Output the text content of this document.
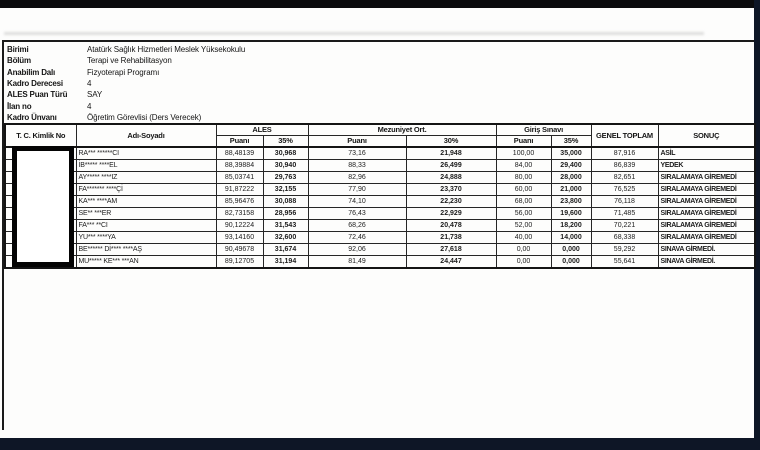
Birimi	Atatürk Sağlık Hizmetleri Meslek Yüksekokulu
Bölüm	Terapi ve Rehabilitasyon
Anabilim Dalı	Fizyoterapi Programı
Kadro Derecesi	4
ALES Puan Türü	SAY
İlan no	4
Kadro Ünvanı	Öğretim Görevlisi (Ders Verecek)
T. C. Kimlik No	Adı-Soyadı	ALES		Mezuniyet Ort.		Giriş Sınavı		GENEL TOPLAM	SONUÇ
		Puanı	35%	Puanı	30%	Puanı	35%		
	RA*** ******CI	88,48139	30,968	73,16	21,948	100,00	35,000	87,916	ASİL
	İB***** ****EL	88,39884	30,940	88,33	26,499	84,00	29,400	86,839	YEDEK
	AY***** ****IZ	85,03741	29,763	82,96	24,888	80,00	28,000	82,651	SIRALAMAYA GİREMEDİ
	FA******* ****Çİ	91,87222	32,155	77,90	23,370	60,00	21,000	76,525	SIRALAMAYA GİREMEDİ
	KA*** ****AM	85,96476	30,088	74,10	22,230	68,00	23,800	76,118	SIRALAMAYA GİREMEDİ
	SE** ***ER	82,73158	28,956	76,43	22,929	56,00	19,600	71,485	SIRALAMAYA GİREMEDİ
	FA*** **CI	90,12224	31,543	68,26	20,478	52,00	18,200	70,221	SIRALAMAYA GİREMEDİ
	YU*** ****YA	93,14160	32,600	72,46	21,738	40,00	14,000	68,338	SIRALAMAYA GİREMEDİ
	BE****** Dİ**** ****AŞ	90,49678	31,674	92,06	27,618	0,00	0,000	59,292	SINAVA GİRMEDİ.
	MU***** KE*** ***AN	89,12705	31,194	81,49	24,447	0,00	0,000	55,641	SINAVA GİRMEDİ.
